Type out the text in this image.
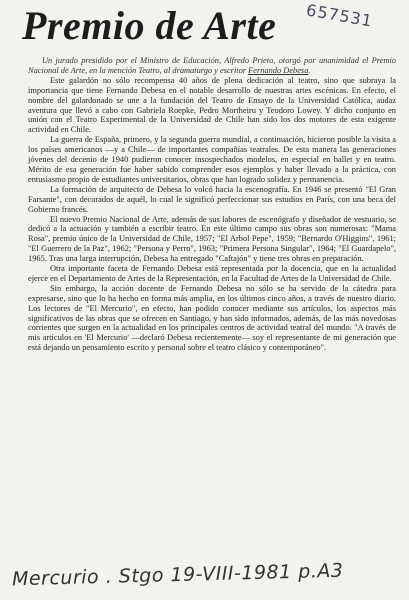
Premio de Arte 657531

Un jurado presidido por el Ministro de Educación, Alfredo Prieto, otorgó por unanimidad el Premio Nacional de Arte, en la mención Teatro, al dramaturgo y escritor Fernando Debesa.

Este galardón no sólo recompensa 40 años de plena dedicación al teatro, sino que subraya la importancia que tiene Fernando Debesa en el notable desarrollo de nuestras artes escénicas. En efecto, el nombre del galardonado se une a la fundación del Teatro de Ensayo de la Universidad Católica, audaz aventura que llevó a cabo con Gabriela Roepke, Pedro Mortheiru y Teodoro Lowey. Y dicho conjunto en unión con el Teatro Experimental de la Universidad de Chile han sido los dos motores de esta exigente actividad en Chile.

La guerra de España, primero, y la segunda guerra mundial, a continuación, hicieron posible la visita a los países americanos —y a Chile— de importantes compañías teatrales. De esta manera las generaciones jóvenes del decenio de 1940 pudieron conocer insospechados modelos, en especial en ballet y en teatro. Mérito de esa generación fue haber sabido comprender esos ejemplos y haber llevado a la práctica, con entusiasmo propio de estudiantes universitarios, obras que han logrado solidez y permanencia.

La formación de arquitecto de Debesa lo volcó hacia la escenografía. En 1946 se presentó "El Gran Farsante", con decorados de aquél, lo cual le significó perfeccionar sus estudios en París, con una beca del Gobierno francés.

El nuevo Premio Nacional de Arte, además de sus labores de escenógrafo y diseñador de vestuario, se dedicó a la actuación y también a escribir teatro. En este último campo sus obras son numerosas: "Mama Rosa", premio único de la Universidad de Chile, 1957; "El Arbol Pepe", 1959; "Bernardo O'Higgins", 1961; "El Guerrero de la Paz", 1962; "Persona y Perro", 1963; "Primera Persona Singular", 1964; "El Guardapelo", 1965. Tras una larga interrupción, Debesa ha entregado "Caftajón" y tiene tres obras en preparación.

Otra importante faceta de Fernando Debesa está representada por la docencia, que en la actualidad ejerce en el Departamento de Artes de la Representación, en la Facultad de Artes de la Universidad de Chile.

Sin embargo, la acción docente de Fernando Debesa no sólo se ha servido de la cátedra para expresarse, sino que lo ha hecho en forma más amplia, en los últimos cinco años, a través de nuestro diario. Los lectores de "El Mercurio", en efecto, han podido conocer mediante sus artículos, los aspectos más significativos de las obras que se ofrecen en Santiago, y han sido informados, además, de las más novedosas corrientes que surgen en la actualidad en los principales centros de actividad teatral del mundo. "A través de mis artículos en 'El Mercurio' —declaró Debesa recientemente— soy el representante de mi generación que está dejando un pensamiento escrito y personal sobre el teatro clásico y contemporáneo".

Mercurio . Stgo 19-VIII-1981 p.A3
